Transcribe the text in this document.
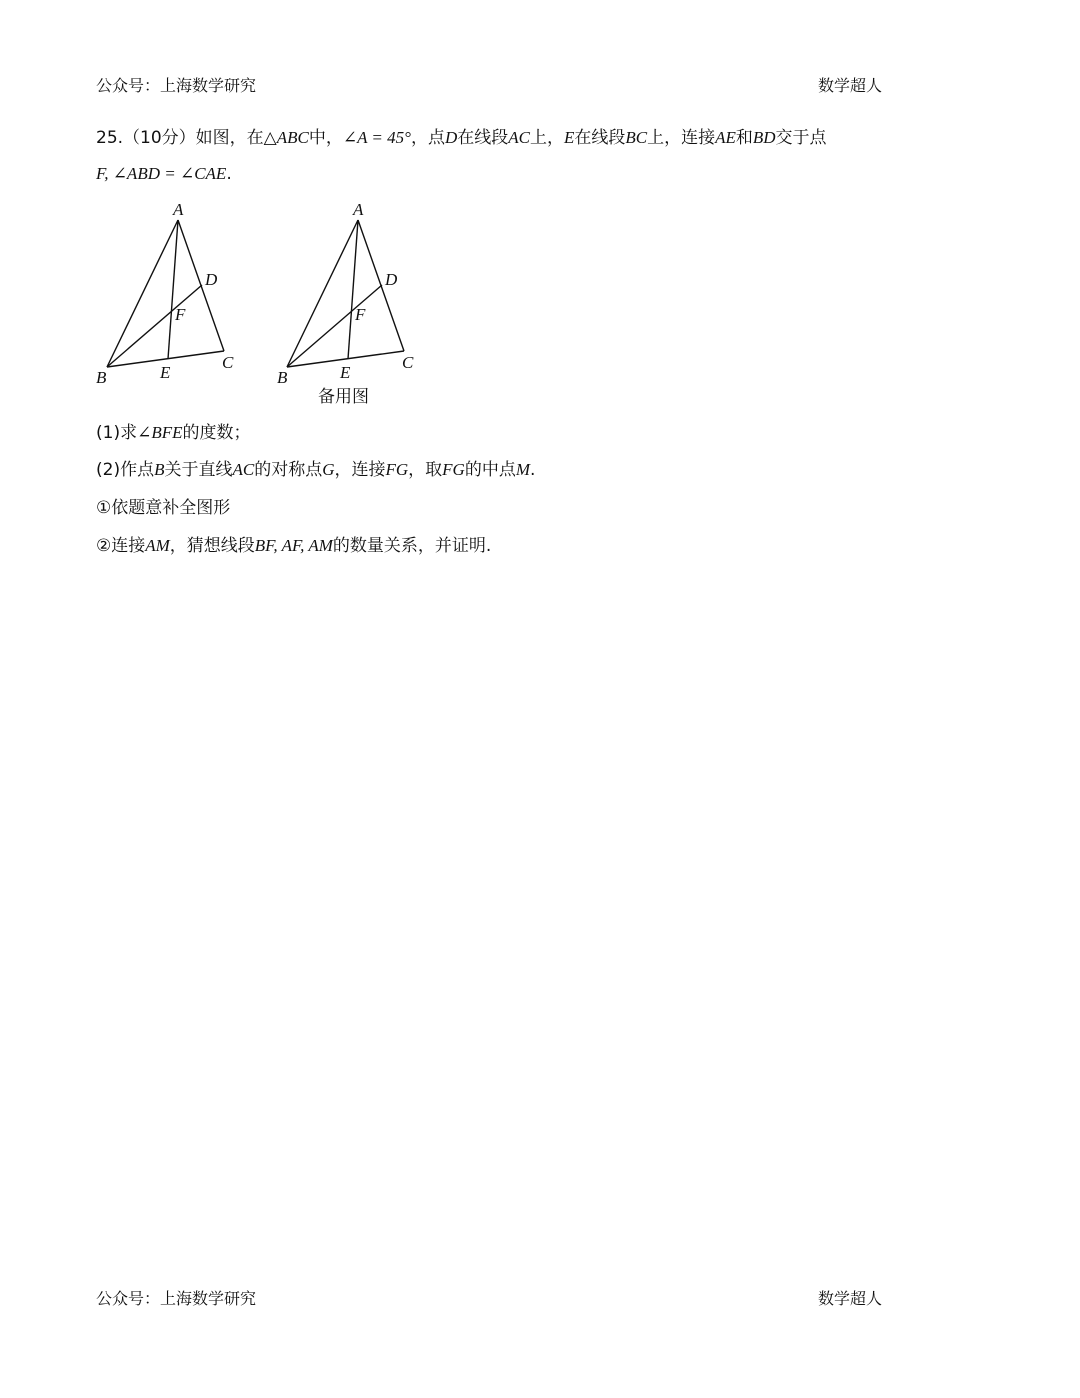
公众号：上海数学研究	数学超人
25.（10分）如图，在△ABC中，∠A = 45°，点D在线段AC上，E在线段BC上，连接AE和BD交于点
F, ∠ABD = ∠CAE.
A
B
C
D
E
F
A
B
C
D
E
F
备用图
(1)求∠BFE的度数；
(2)作点B关于直线AC的对称点G，连接FG，取FG的中点M.
①依题意补全图形
②连接AM，猜想线段BF, AF, AM的数量关系，并证明.
公众号：上海数学研究	数学超人
